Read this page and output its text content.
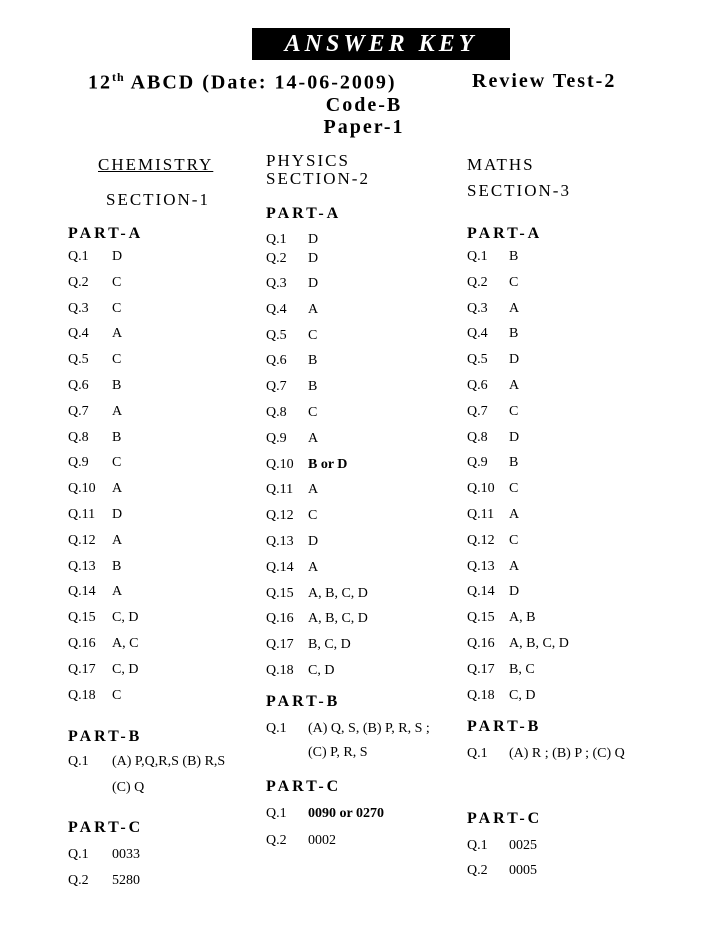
ANSWER KEY
12th ABCD (Date: 14-06-2009)	Review Test-2
Code-B
Paper-1
CHEMISTRY
SECTION-1
PART-A
Q.1 D
Q.2 C
Q.3 C
Q.4 A
Q.5 C
Q.6 B
Q.7 A
Q.8 B
Q.9 C
Q.10 A
Q.11 D
Q.12 A
Q.13 B
Q.14 A
Q.15 C, D
Q.16 A, C
Q.17 C, D
Q.18 C
PART-B
Q.1 (A) P,Q,R,S (B) R,S
(C) Q
PART-C
Q.1 0033
Q.2 5280
PHYSICS
SECTION-2
PART-A
Q.1 D
Q.2 D
Q.3 D
Q.4 A
Q.5 C
Q.6 B
Q.7 B
Q.8 C
Q.9 A
Q.10 B or D
Q.11 A
Q.12 C
Q.13 D
Q.14 A
Q.15 A, B, C, D
Q.16 A, B, C, D
Q.17 B, C, D
Q.18 C, D
PART-B
Q.1 (A) Q, S, (B) P, R, S ;
(C) P, R, S
PART-C
Q.1 0090 or 0270
Q.2 0002
MATHS
SECTION-3
PART-A
Q.1 B
Q.2 C
Q.3 A
Q.4 B
Q.5 D
Q.6 A
Q.7 C
Q.8 D
Q.9 B
Q.10 C
Q.11 A
Q.12 C
Q.13 A
Q.14 D
Q.15 A, B
Q.16 A, B, C, D
Q.17 B, C
Q.18 C, D
PART-B
Q.1 (A) R ; (B) P ; (C) Q
PART-C
Q.1 0025
Q.2 0005
